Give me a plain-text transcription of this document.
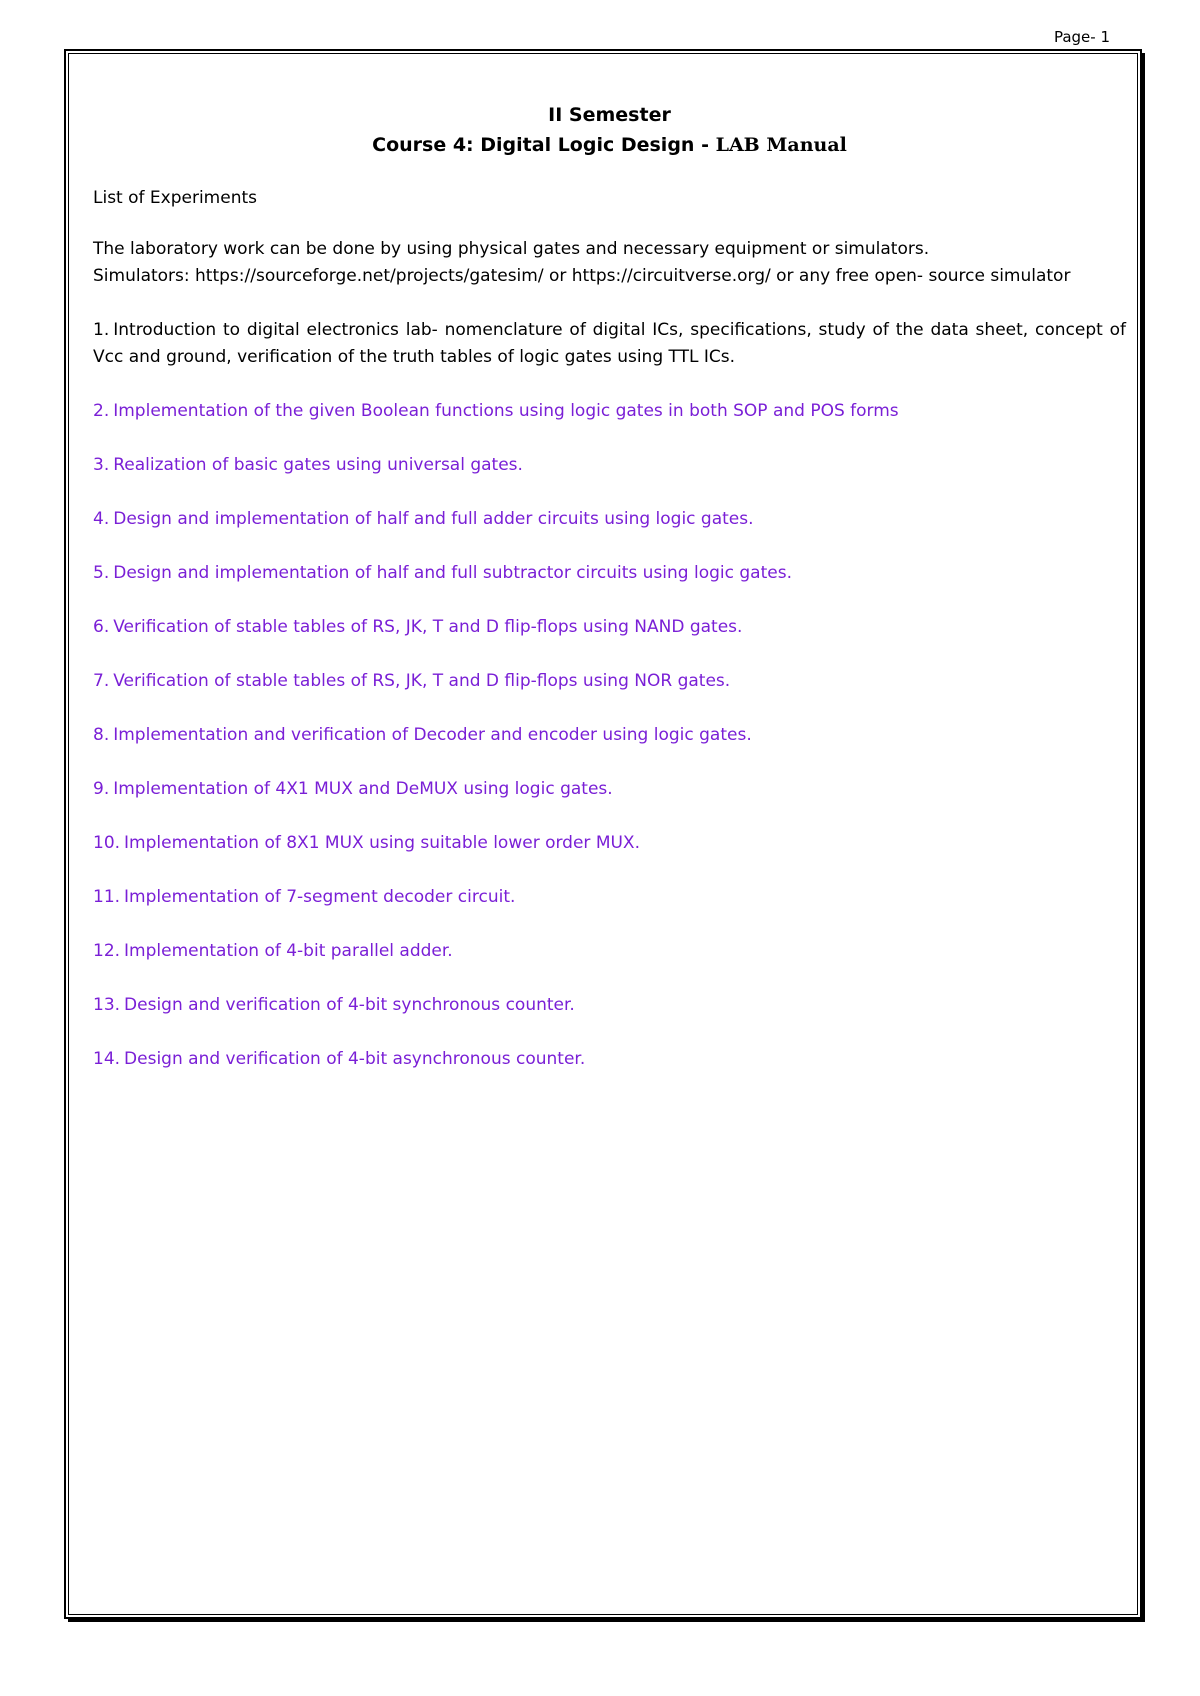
Page- 1
II Semester
Course 4: Digital Logic Design - LAB Manual
List of Experiments
The laboratory work can be done by using physical gates and necessary equipment or simulators.
Simulators: https://sourceforge.net/projects/gatesim/ or https://circuitverse.org/ or any free open- source simulator
1. Introduction to digital electronics lab- nomenclature of digital ICs, specifications, study of the data sheet, concept of Vcc and ground, verification of the truth tables of logic gates using TTL ICs.
2. Implementation of the given Boolean functions using logic gates in both SOP and POS forms
3. Realization of basic gates using universal gates.
4. Design and implementation of half and full adder circuits using logic gates.
5. Design and implementation of half and full subtractor circuits using logic gates.
6. Verification of stable tables of RS, JK, T and D flip-flops using NAND gates.
7. Verification of stable tables of RS, JK, T and D flip-flops using NOR gates.
8. Implementation and verification of Decoder and encoder using logic gates.
9. Implementation of 4X1 MUX and DeMUX using logic gates.
10. Implementation of 8X1 MUX using suitable lower order MUX.
11. Implementation of 7-segment decoder circuit.
12. Implementation of 4-bit parallel adder.
13. Design and verification of 4-bit synchronous counter.
14. Design and verification of 4-bit asynchronous counter.
